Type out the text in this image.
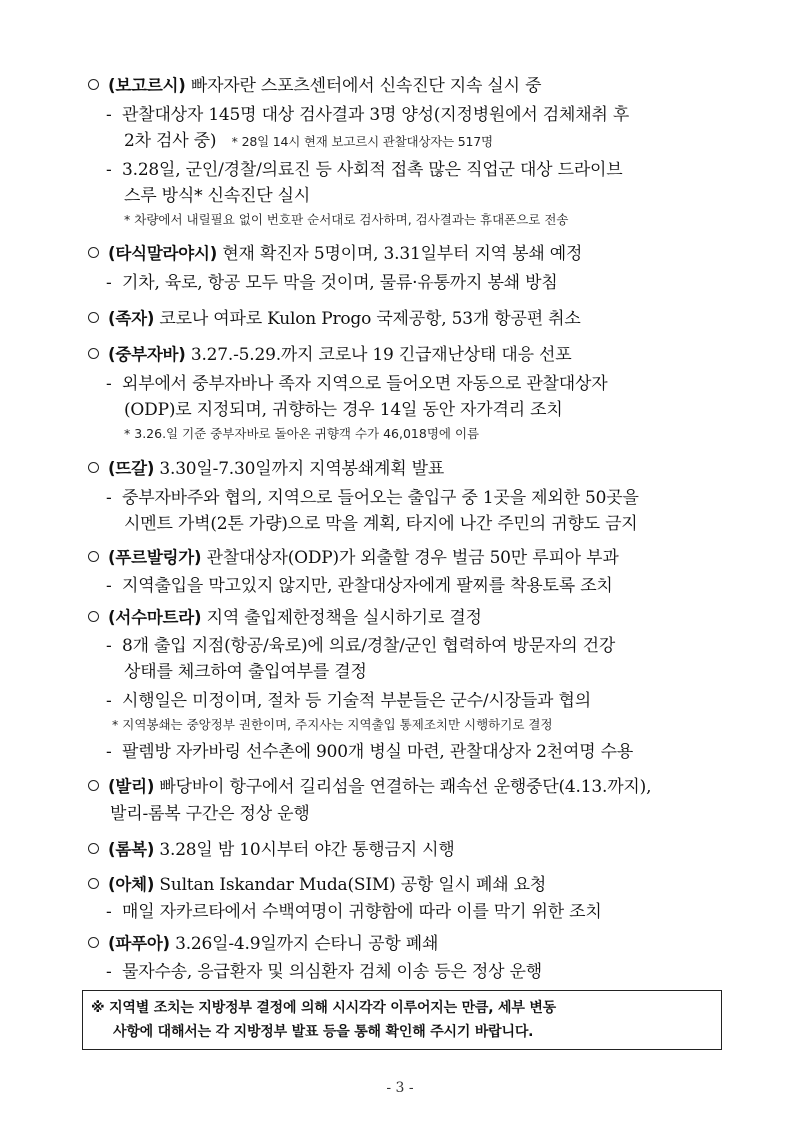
(보고르시) 빠자자란 스포츠센터에서 신속진단 지속 실시 중
- 관찰대상자 145명 대상 검사결과 3명 양성(지정병원에서 검체채취 후
2차 검사 중) * 28일 14시 현재 보고르시 관찰대상자는 517명
- 3.28일, 군인/경찰/의료진 등 사회적 접촉 많은 직업군 대상 드라이브
스루 방식* 신속진단 실시
* 차량에서 내릴필요 없이 번호판 순서대로 검사하며, 검사결과는 휴대폰으로 전송
(타식말라야시) 현재 확진자 5명이며, 3.31일부터 지역 봉쇄 예정
- 기차, 육로, 항공 모두 막을 것이며, 물류·유통까지 봉쇄 방침
(족자) 코로나 여파로 Kulon Progo 국제공항, 53개 항공편 취소
(중부자바) 3.27.-5.29.까지 코로나 19 긴급재난상태 대응 선포
- 외부에서 중부자바나 족자 지역으로 들어오면 자동으로 관찰대상자
(ODP)로 지정되며, 귀향하는 경우 14일 동안 자가격리 조치
* 3.26.일 기준 중부자바로 돌아온 귀향객 수가 46,018명에 이름
(뜨갈) 3.30일-7.30일까지 지역봉쇄계획 발표
- 중부자바주와 협의, 지역으로 들어오는 출입구 중 1곳을 제외한 50곳을
시멘트 가벽(2톤 가량)으로 막을 계획, 타지에 나간 주민의 귀향도 금지
(푸르발링가) 관찰대상자(ODP)가 외출할 경우 벌금 50만 루피아 부과
- 지역출입을 막고있지 않지만, 관찰대상자에게 팔찌를 착용토록 조치
(서수마트라) 지역 출입제한정책을 실시하기로 결정
- 8개 출입 지점(항공/육로)에 의료/경찰/군인 협력하여 방문자의 건강
상태를 체크하여 출입여부를 결정
- 시행일은 미정이며, 절차 등 기술적 부분들은 군수/시장들과 협의
* 지역봉쇄는 중앙정부 권한이며, 주지사는 지역출입 통제조치만 시행하기로 결정
- 팔렘방 자카바링 선수촌에 900개 병실 마련, 관찰대상자 2천여명 수용
(발리) 빠당바이 항구에서 길리섬을 연결하는 쾌속선 운행중단(4.13.까지),
발리-롬복 구간은 정상 운행
(롬복) 3.28일 밤 10시부터 야간 통행금지 시행
(아체) Sultan Iskandar Muda(SIM) 공항 일시 폐쇄 요청
- 매일 자카르타에서 수백여명이 귀향함에 따라 이를 막기 위한 조치
(파푸아) 3.26일-4.9일까지 슨타니 공항 폐쇄
- 물자수송, 응급환자 및 의심환자 검체 이송 등은 정상 운행
※ 지역별 조치는 지방정부 결정에 의해 시시각각 이루어지는 만큼, 세부 변동
사항에 대해서는 각 지방정부 발표 등을 통해 확인해 주시기 바랍니다.
- 3 -
